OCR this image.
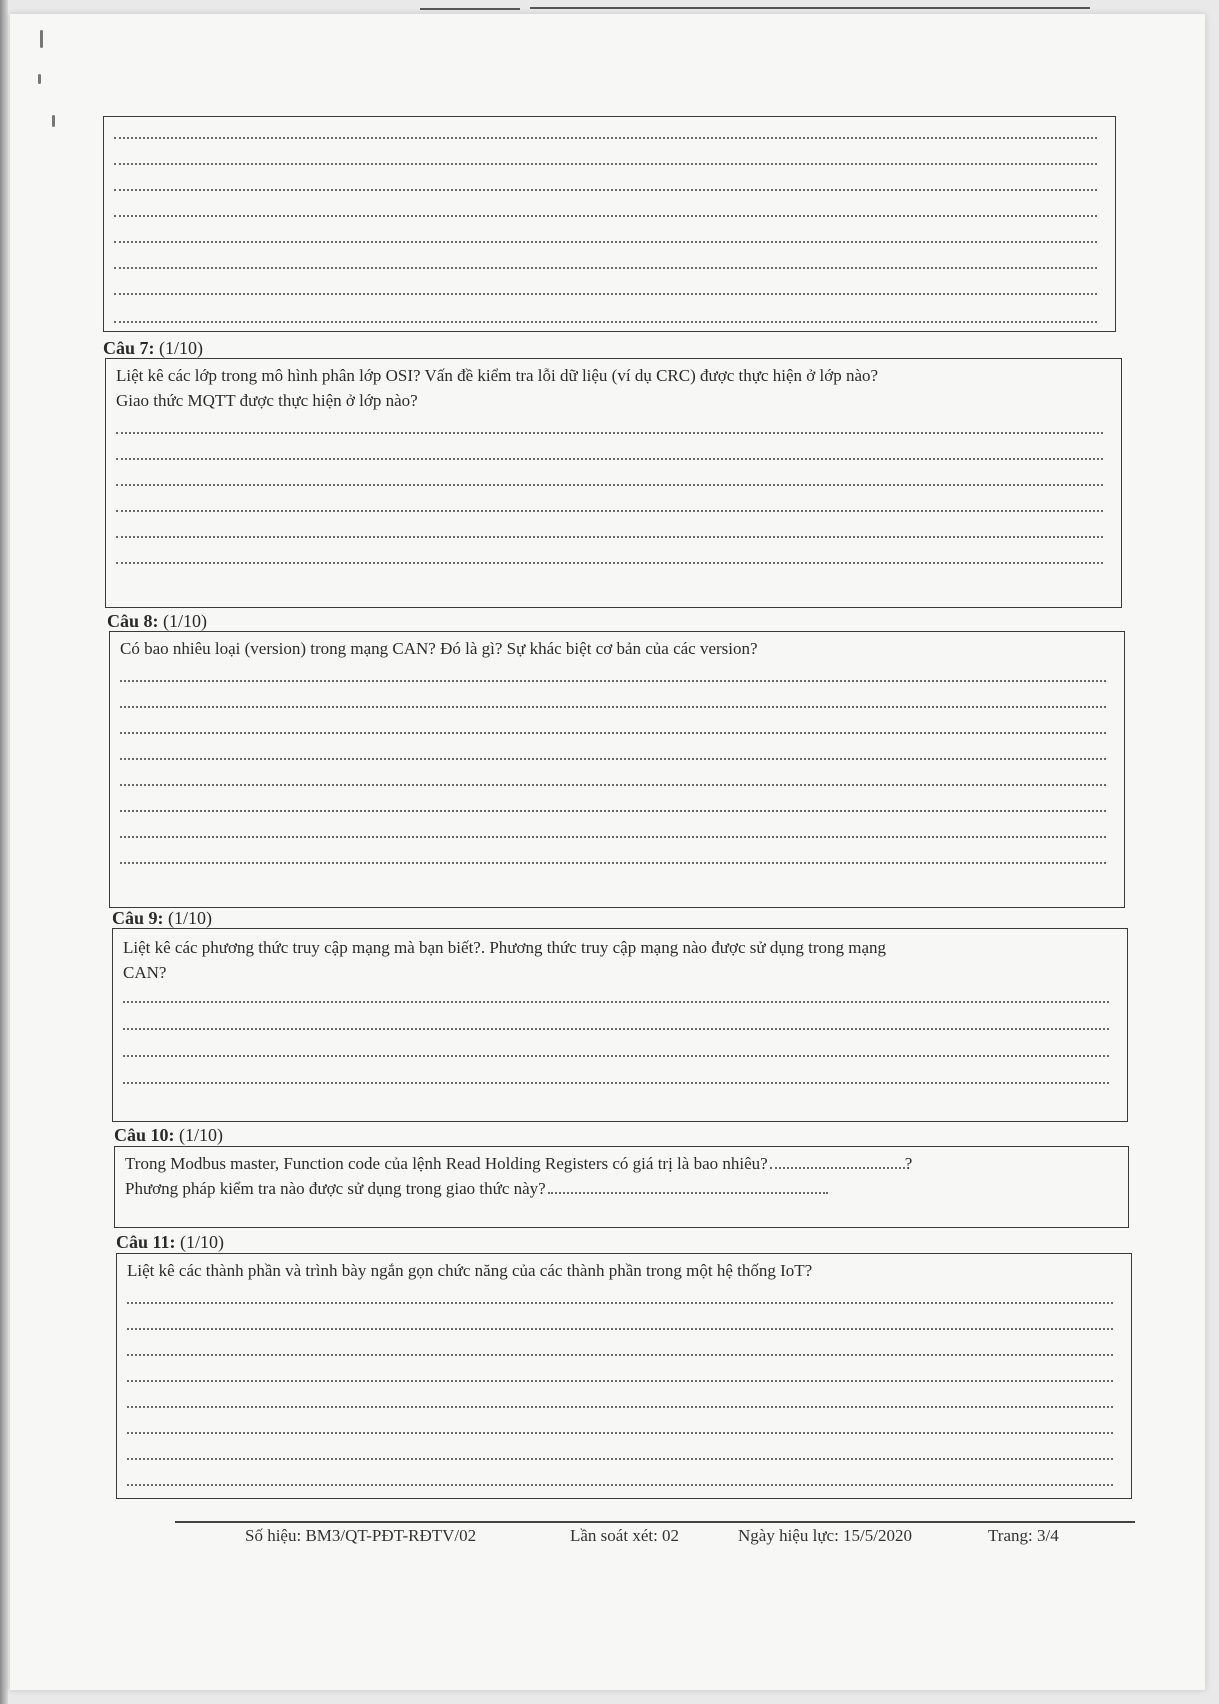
Câu 7: (1/10)
Liệt kê các lớp trong mô hình phân lớp OSI? Vấn đề kiểm tra lỗi dữ liệu (ví dụ CRC) được thực hiện ở lớp nào?
Giao thức MQTT được thực hiện ở lớp nào?
Câu 8: (1/10)
Có bao nhiêu loại (version) trong mạng CAN? Đó là gì? Sự khác biệt cơ bản của các version?
Câu 9: (1/10)
Liệt kê các phương thức truy cập mạng mà bạn biết?. Phương thức truy cập mạng nào được sử dụng trong mạng
CAN?
Câu 10: (1/10)
Trong Modbus master, Function code của lệnh Read Holding Registers có giá trị là bao nhiêu?	?
Phương pháp kiểm tra nào được sử dụng trong giao thức này?
Câu 11: (1/10)
Liệt kê các thành phần và trình bày ngắn gọn chức năng của các thành phần trong một hệ thống IoT?
Số hiệu: BM3/QT-PĐT-RĐTV/02	Lần soát xét: 02	Ngày hiệu lực: 15/5/2020	Trang: 3/4
